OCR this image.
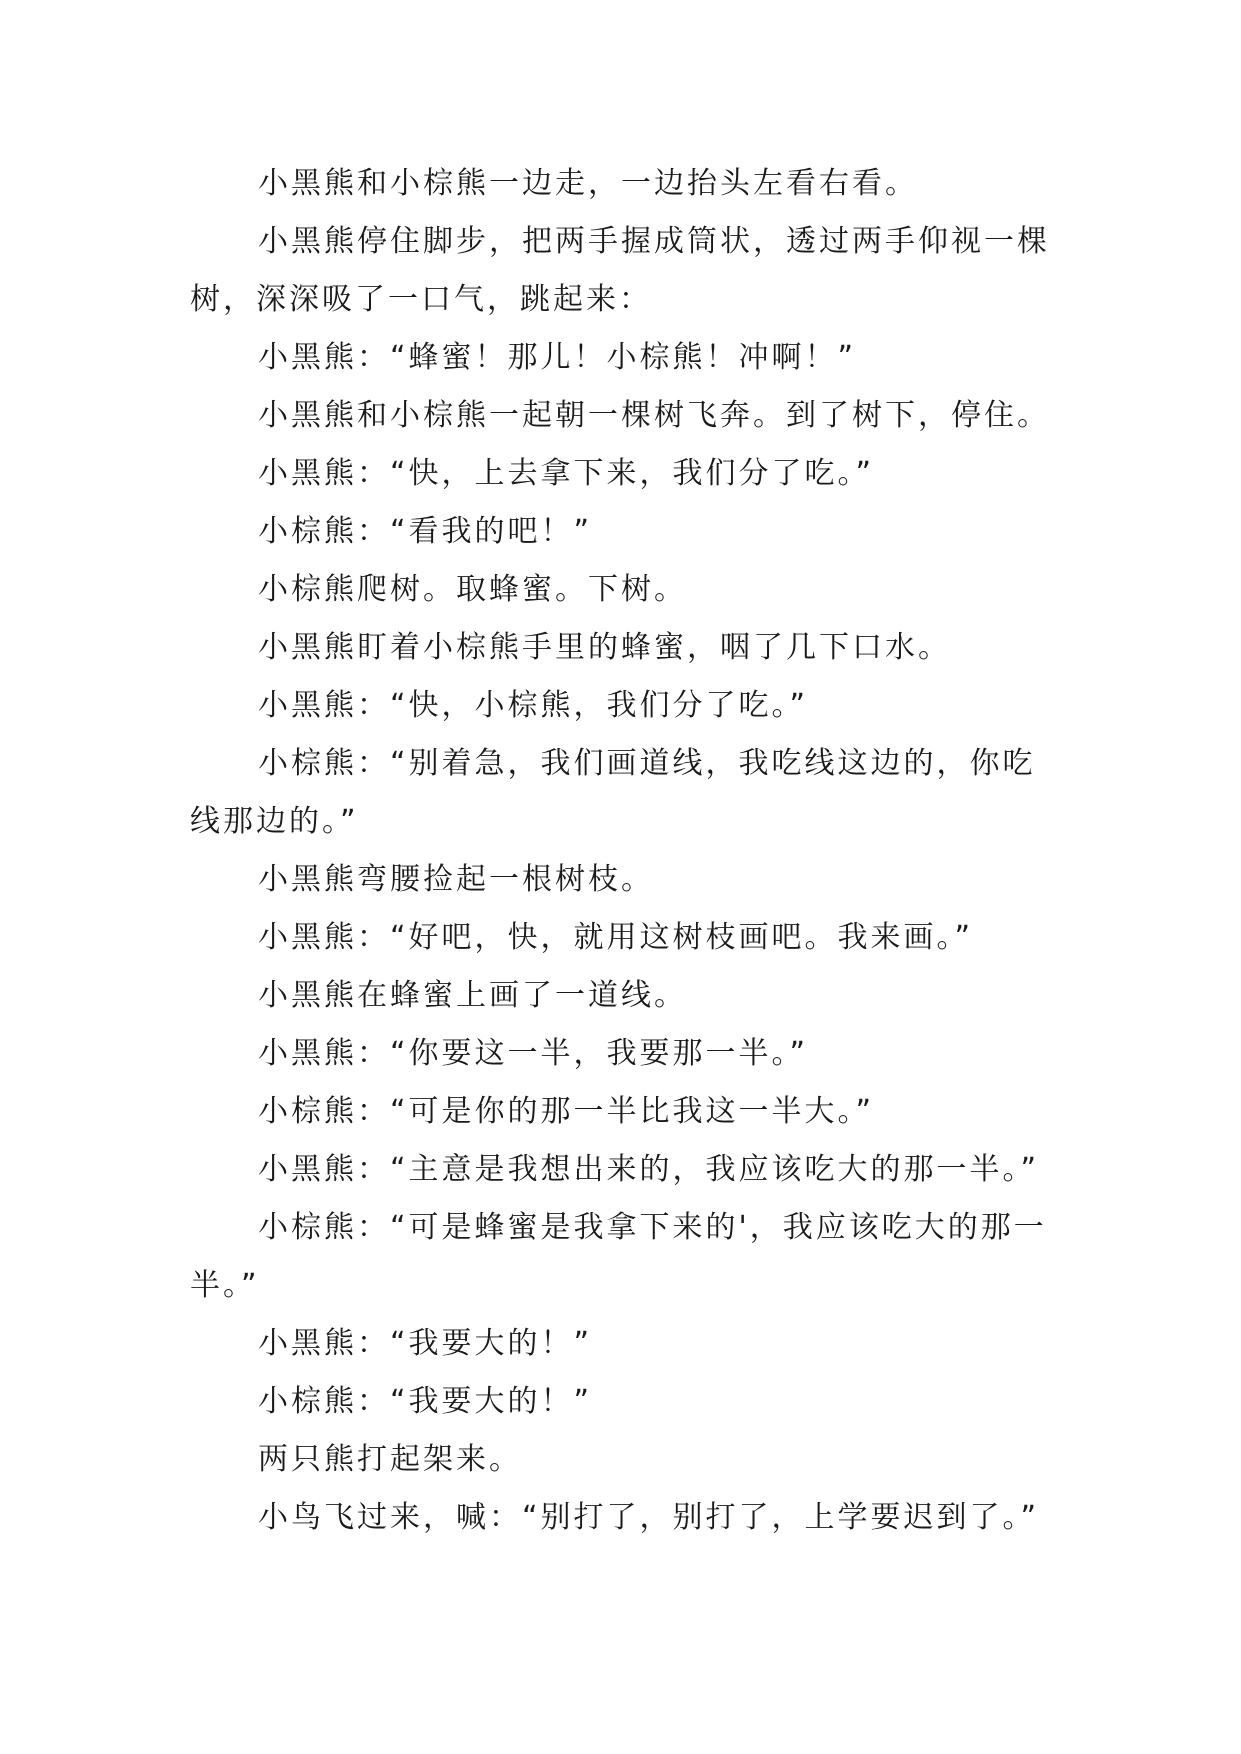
小黑熊和小棕熊一边走，一边抬头左看右看。

小黑熊停住脚步，把两手握成筒状，透过两手仰视一棵树，深深吸了一口气，跳起来：

小黑熊：“蜂蜜！那儿！小棕熊！冲啊！”

小黑熊和小棕熊一起朝一棵树飞奔。到了树下，停住。

小黑熊：“快，上去拿下来，我们分了吃。”

小棕熊：“看我的吧！”

小棕熊爬树。取蜂蜜。下树。

小黑熊盯着小棕熊手里的蜂蜜，咽了几下口水。

小黑熊：“快，小棕熊，我们分了吃。”

小棕熊：“别着急，我们画道线，我吃线这边的，你吃线那边的。”

小黑熊弯腰捡起一根树枝。

小黑熊：“好吧，快，就用这树枝画吧。我来画。”

小黑熊在蜂蜜上画了一道线。

小黑熊：“你要这一半，我要那一半。”

小棕熊：“可是你的那一半比我这一半大。”

小黑熊：“主意是我想出来的，我应该吃大的那一半。”

小棕熊：“可是蜂蜜是我拿下来的'，我应该吃大的那一半。”

小黑熊：“我要大的！”

小棕熊：“我要大的！”

两只熊打起架来。

小鸟飞过来，喊：“别打了，别打了，上学要迟到了。”
